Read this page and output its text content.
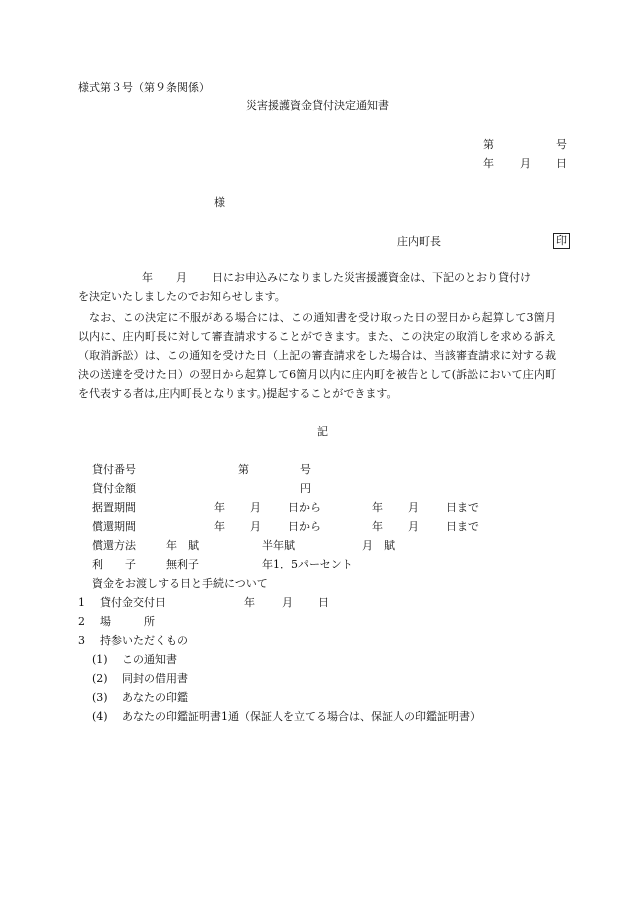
様式第３号（第９条関係）
災害援護資金貸付決定通知書
第	号
年 月 日
様
庄内町長	印
年 月 日にお申込みになりました災害援護資金は、下記のとおり貸付け
を決定いたしましたのでお知らせします。
なお、この決定に不服がある場合には、この通知書を受け取った日の翌日から起算して3箇月以内に、庄内町長に対して審査請求することができます。また、この決定の取消しを求める訴え（取消訴訟）は、この通知を受けた日（上記の審査請求をした場合は、当該審査請求に対する裁決の送達を受けた日）の翌日から起算して6箇月以内に庄内町を被告として(訴訟において庄内町を代表する者は,庄内町長となります。)提起することができます。
記
貸付番号	第	号
貸付金額	円
据置期間	年 月 日から	年 月 日まで
償還期間	年 月 日から	年 月 日まで
償還方法	年　賦	半年賦	月　賦
利　　子	無利子	年1．5パーセント
資金をお渡しする日と手続について
1 貸付金交付日	年 月 日
2 場　　　所
3 持参いただくもの
(1) この通知書
(2) 同封の借用書
(3) あなたの印鑑
(4) あなたの印鑑証明書1通（保証人を立てる場合は、保証人の印鑑証明書）
